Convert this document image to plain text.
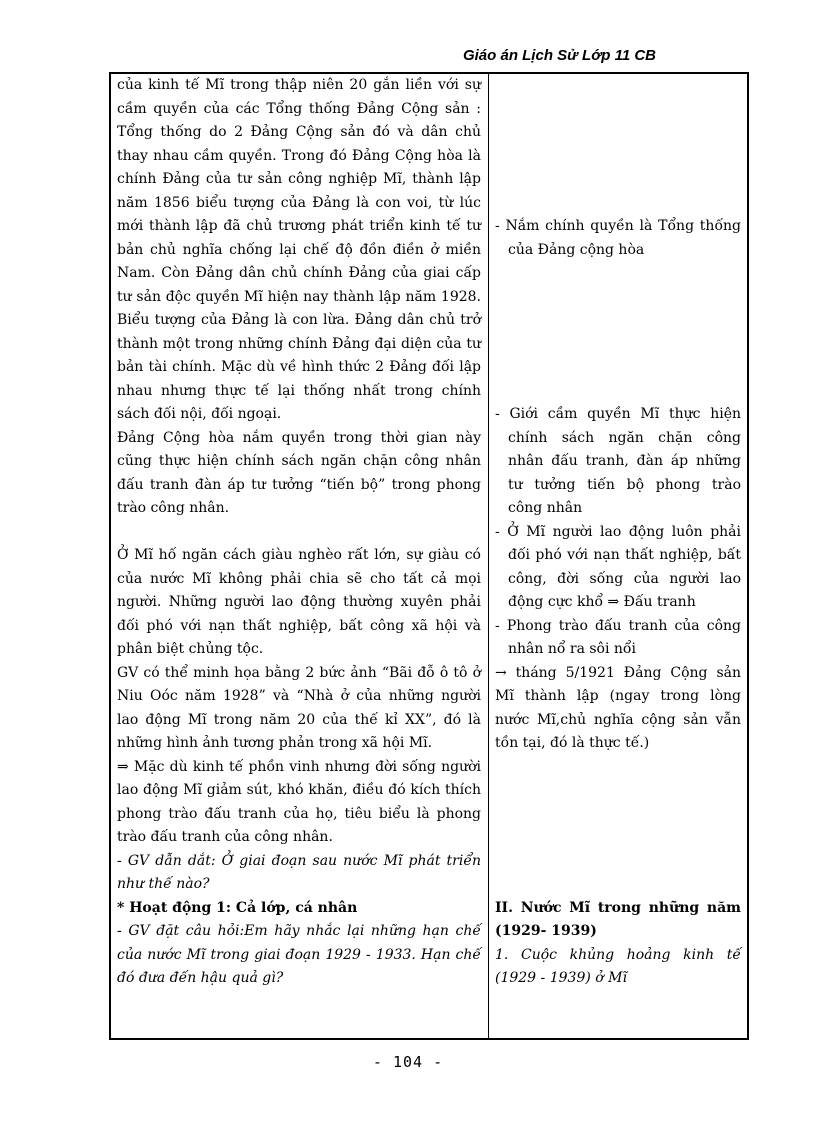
Giáo án Lịch Sử Lớp 11 CB
của kinh tế Mĩ trong thập niên 20 gắn liền với sự cầm quyền của các Tổng thống Đảng Cộng sản : Tổng thống do 2 Đảng Cộng sản đó và dân chủ thay nhau cầm quyền. Trong đó Đảng Cộng hòa là chính Đảng của tư sản công nghiệp Mĩ, thành lập năm 1856 biểu tượng của Đảng là con voi, từ lúc mới thành lập đã chủ trương phát triển kinh tế tư bản chủ nghĩa chống lại chế độ đồn điền ở miền Nam. Còn Đảng dân chủ chính Đảng của giai cấp tư sản độc quyền Mĩ hiện nay thành lập năm 1928. Biểu tượng của Đảng là con lừa. Đảng dân chủ trở thành một trong những chính Đảng đại diện của tư bản tài chính. Mặc dù về hình thức 2 Đảng đối lập nhau nhưng thực tế lại thống nhất trong chính sách đối nội, đối ngoại.
Đảng Cộng hòa nắm quyền trong thời gian này cũng thực hiện chính sách ngăn chặn công nhân đấu tranh đàn áp tư tưởng “tiến bộ” trong phong trào công nhân.
Ở Mĩ hố ngăn cách giàu nghèo rất lớn, sự giàu có của nước Mĩ không phải chia sẽ cho tất cả mọi người. Những người lao động thường xuyên phải đối phó với nạn thất nghiệp, bất công xã hội và phân biệt chủng tộc.
GV có thể minh họa bằng 2 bức ảnh “Bãi đỗ ô tô ở Niu Oóc năm 1928” và “Nhà ở của những người lao động Mĩ trong năm 20 của thế kỉ XX”, đó là những hình ảnh tương phản trong xã hội Mĩ.
⇒ Mặc dù kinh tế phồn vinh nhưng đời sống người lao động Mĩ giảm sút, khó khăn, điều đó kích thích phong trào đấu tranh của họ, tiêu biểu là phong trào đấu tranh của công nhân.
- GV dẫn dắt: Ở giai đoạn sau nước Mĩ phát triển như thế nào?
* Hoạt động 1: Cả lớp, cá nhân
- GV đặt câu hỏi:Em hãy nhắc lại những hạn chế của nước Mĩ trong giai đoạn 1929 - 1933. Hạn chế đó đưa đến hậu quả gì?
- Nắm chính quyền là Tổng thống của Đảng cộng hòa
- Giới cầm quyền Mĩ thực hiện chính sách ngăn chặn công nhân đấu tranh, đàn áp những tư tưởng tiến bộ phong trào công nhân
- Ở Mĩ người lao động luôn phải đối phó với nạn thất nghiệp, bất công, đời sống của người lao động cực khổ ⇒ Đấu tranh
- Phong trào đấu tranh của công nhân nổ ra sôi nổi
→ tháng 5/1921 Đảng Cộng sản Mĩ thành lập (ngay trong lòng nước Mĩ,chủ nghĩa cộng sản vẫn tồn tại, đó là thực tế.)
II. Nước Mĩ trong những năm (1929- 1939)
1. Cuộc khủng hoảng kinh tế (1929 - 1939) ở Mĩ
- 104 -
